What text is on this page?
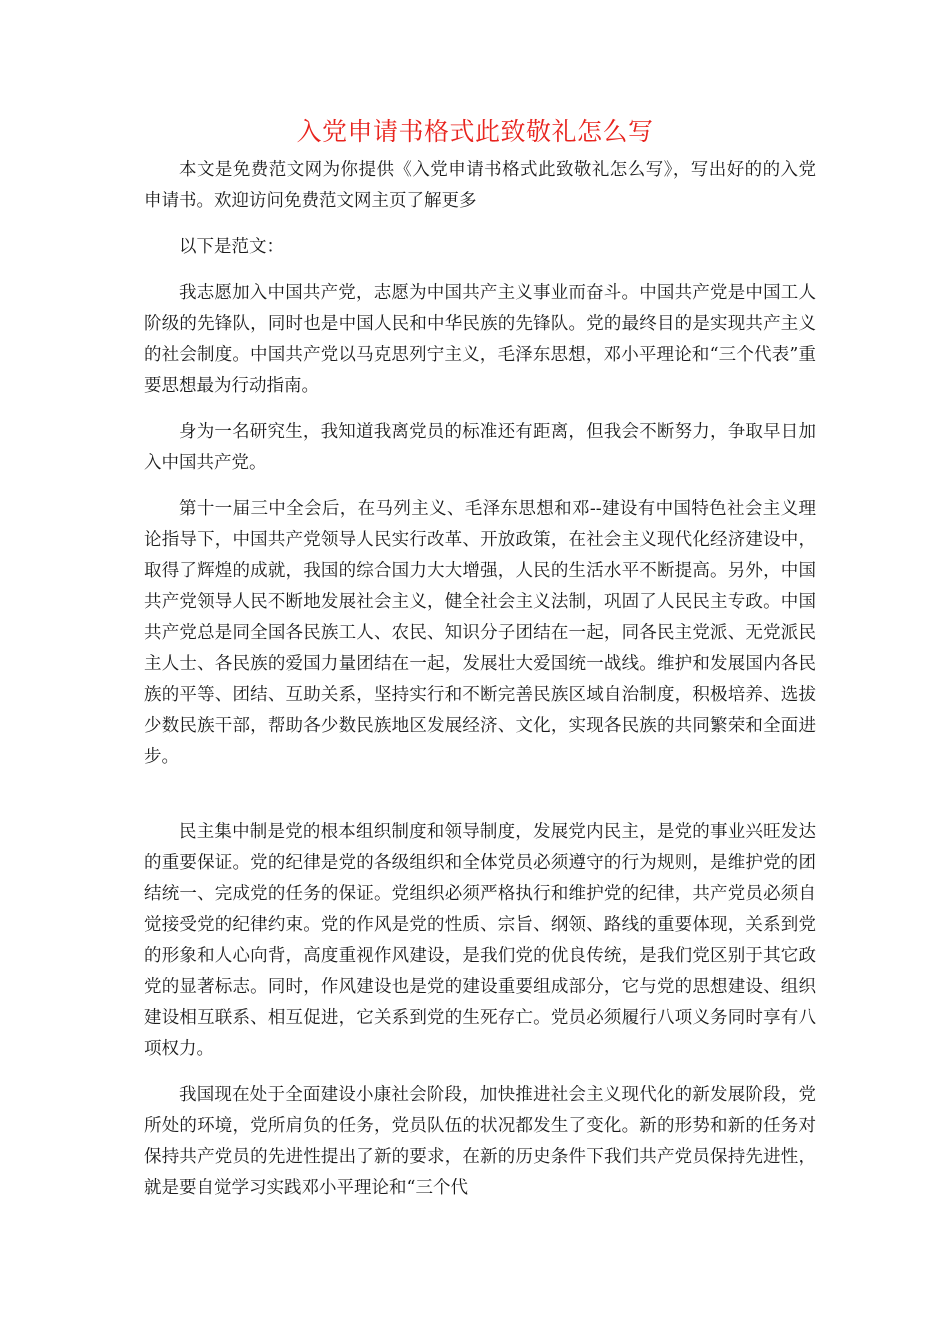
入党申请书格式此致敬礼怎么写

本文是免费范文网为你提供《入党申请书格式此致敬礼怎么写》，写出好的的入党申请书。欢迎访问免费范文网主页了解更多

以下是范文：

我志愿加入中国共产党，志愿为中国共产主义事业而奋斗。中国共产党是中国工人阶级的先锋队，同时也是中国人民和中华民族的先锋队。党的最终目的是实现共产主义的社会制度。中国共产党以马克思列宁主义，毛泽东思想，邓小平理论和“三个代表”重要思想最为行动指南。

身为一名研究生，我知道我离党员的标准还有距离，但我会不断努力，争取早日加入中国共产党。

第十一届三中全会后，在马列主义、毛泽东思想和邓--建设有中国特色社会主义理论指导下，中国共产党领导人民实行改革、开放政策，在社会主义现代化经济建设中，取得了辉煌的成就，我国的综合国力大大增强，人民的生活水平不断提高。另外，中国共产党领导人民不断地发展社会主义，健全社会主义法制，巩固了人民民主专政。中国共产党总是同全国各民族工人、农民、知识分子团结在一起，同各民主党派、无党派民主人士、各民族的爱国力量团结在一起，发展壮大爱国统一战线。维护和发展国内各民族的平等、团结、互助关系，坚持实行和不断完善民族区域自治制度，积极培养、选拔少数民族干部，帮助各少数民族地区发展经济、文化，实现各民族的共同繁荣和全面进步。

民主集中制是党的根本组织制度和领导制度，发展党内民主，是党的事业兴旺发达的重要保证。党的纪律是党的各级组织和全体党员必须遵守的行为规则，是维护党的团结统一、完成党的任务的保证。党组织必须严格执行和维护党的纪律，共产党员必须自觉接受党的纪律约束。党的作风是党的性质、宗旨、纲领、路线的重要体现，关系到党的形象和人心向背，高度重视作风建设，是我们党的优良传统，是我们党区别于其它政党的显著标志。同时，作风建设也是党的建设重要组成部分，它与党的思想建设、组织建设相互联系、相互促进，它关系到党的生死存亡。党员必须履行八项义务同时享有八项权力。

我国现在处于全面建设小康社会阶段，加快推进社会主义现代化的新发展阶段，党所处的环境，党所肩负的任务，党员队伍的状况都发生了变化。新的形势和新的任务对保持共产党员的先进性提出了新的要求，在新的历史条件下我们共产党员保持先进性，就是要自觉学习实践邓小平理论和“三个代
